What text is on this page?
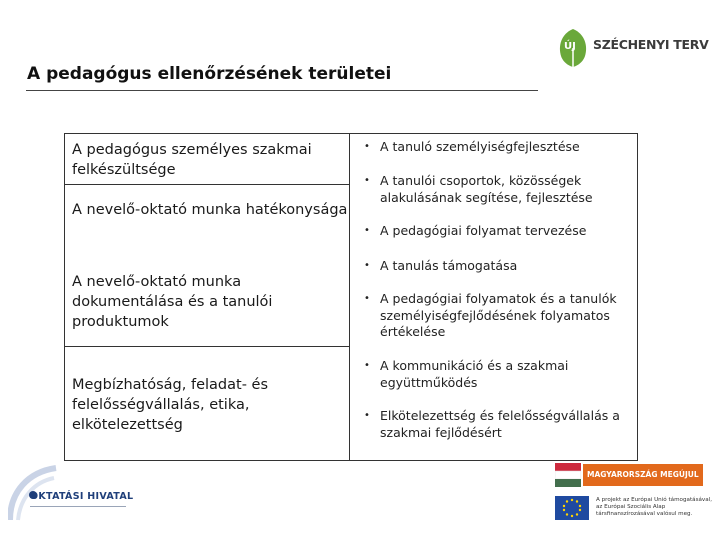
A pedagógus ellenőrzésének területei
ÚJ SZÉCHENYI TERV
A pedagógus személyes szakmai felkészültsége
A nevelő-oktató munka hatékonysága
A nevelő-oktató munka dokumentálása és a tanulói produktumok
Megbízhatóság, feladat- és felelősségvállalás, etika, elkötelezettség
• A tanuló személyiségfejlesztése
• A tanulói csoportok, közösségek alakulásának segítése, fejlesztése
• A pedagógiai folyamat tervezése
• A tanulás támogatása
• A pedagógiai folyamatok és a tanulók személyiségfejlődésének folyamatos értékelése
• A kommunikáció és a szakmai együttműködés
• Elkötelezettség és felelősségvállalás a szakmai fejlődésért
OKTATÁSI HIVATAL
MAGYARORSZÁG MEGÚJUL
A projekt az Európai Unió támogatásával, az Európai Szociális Alap társfinanszírozásával valósul meg.
